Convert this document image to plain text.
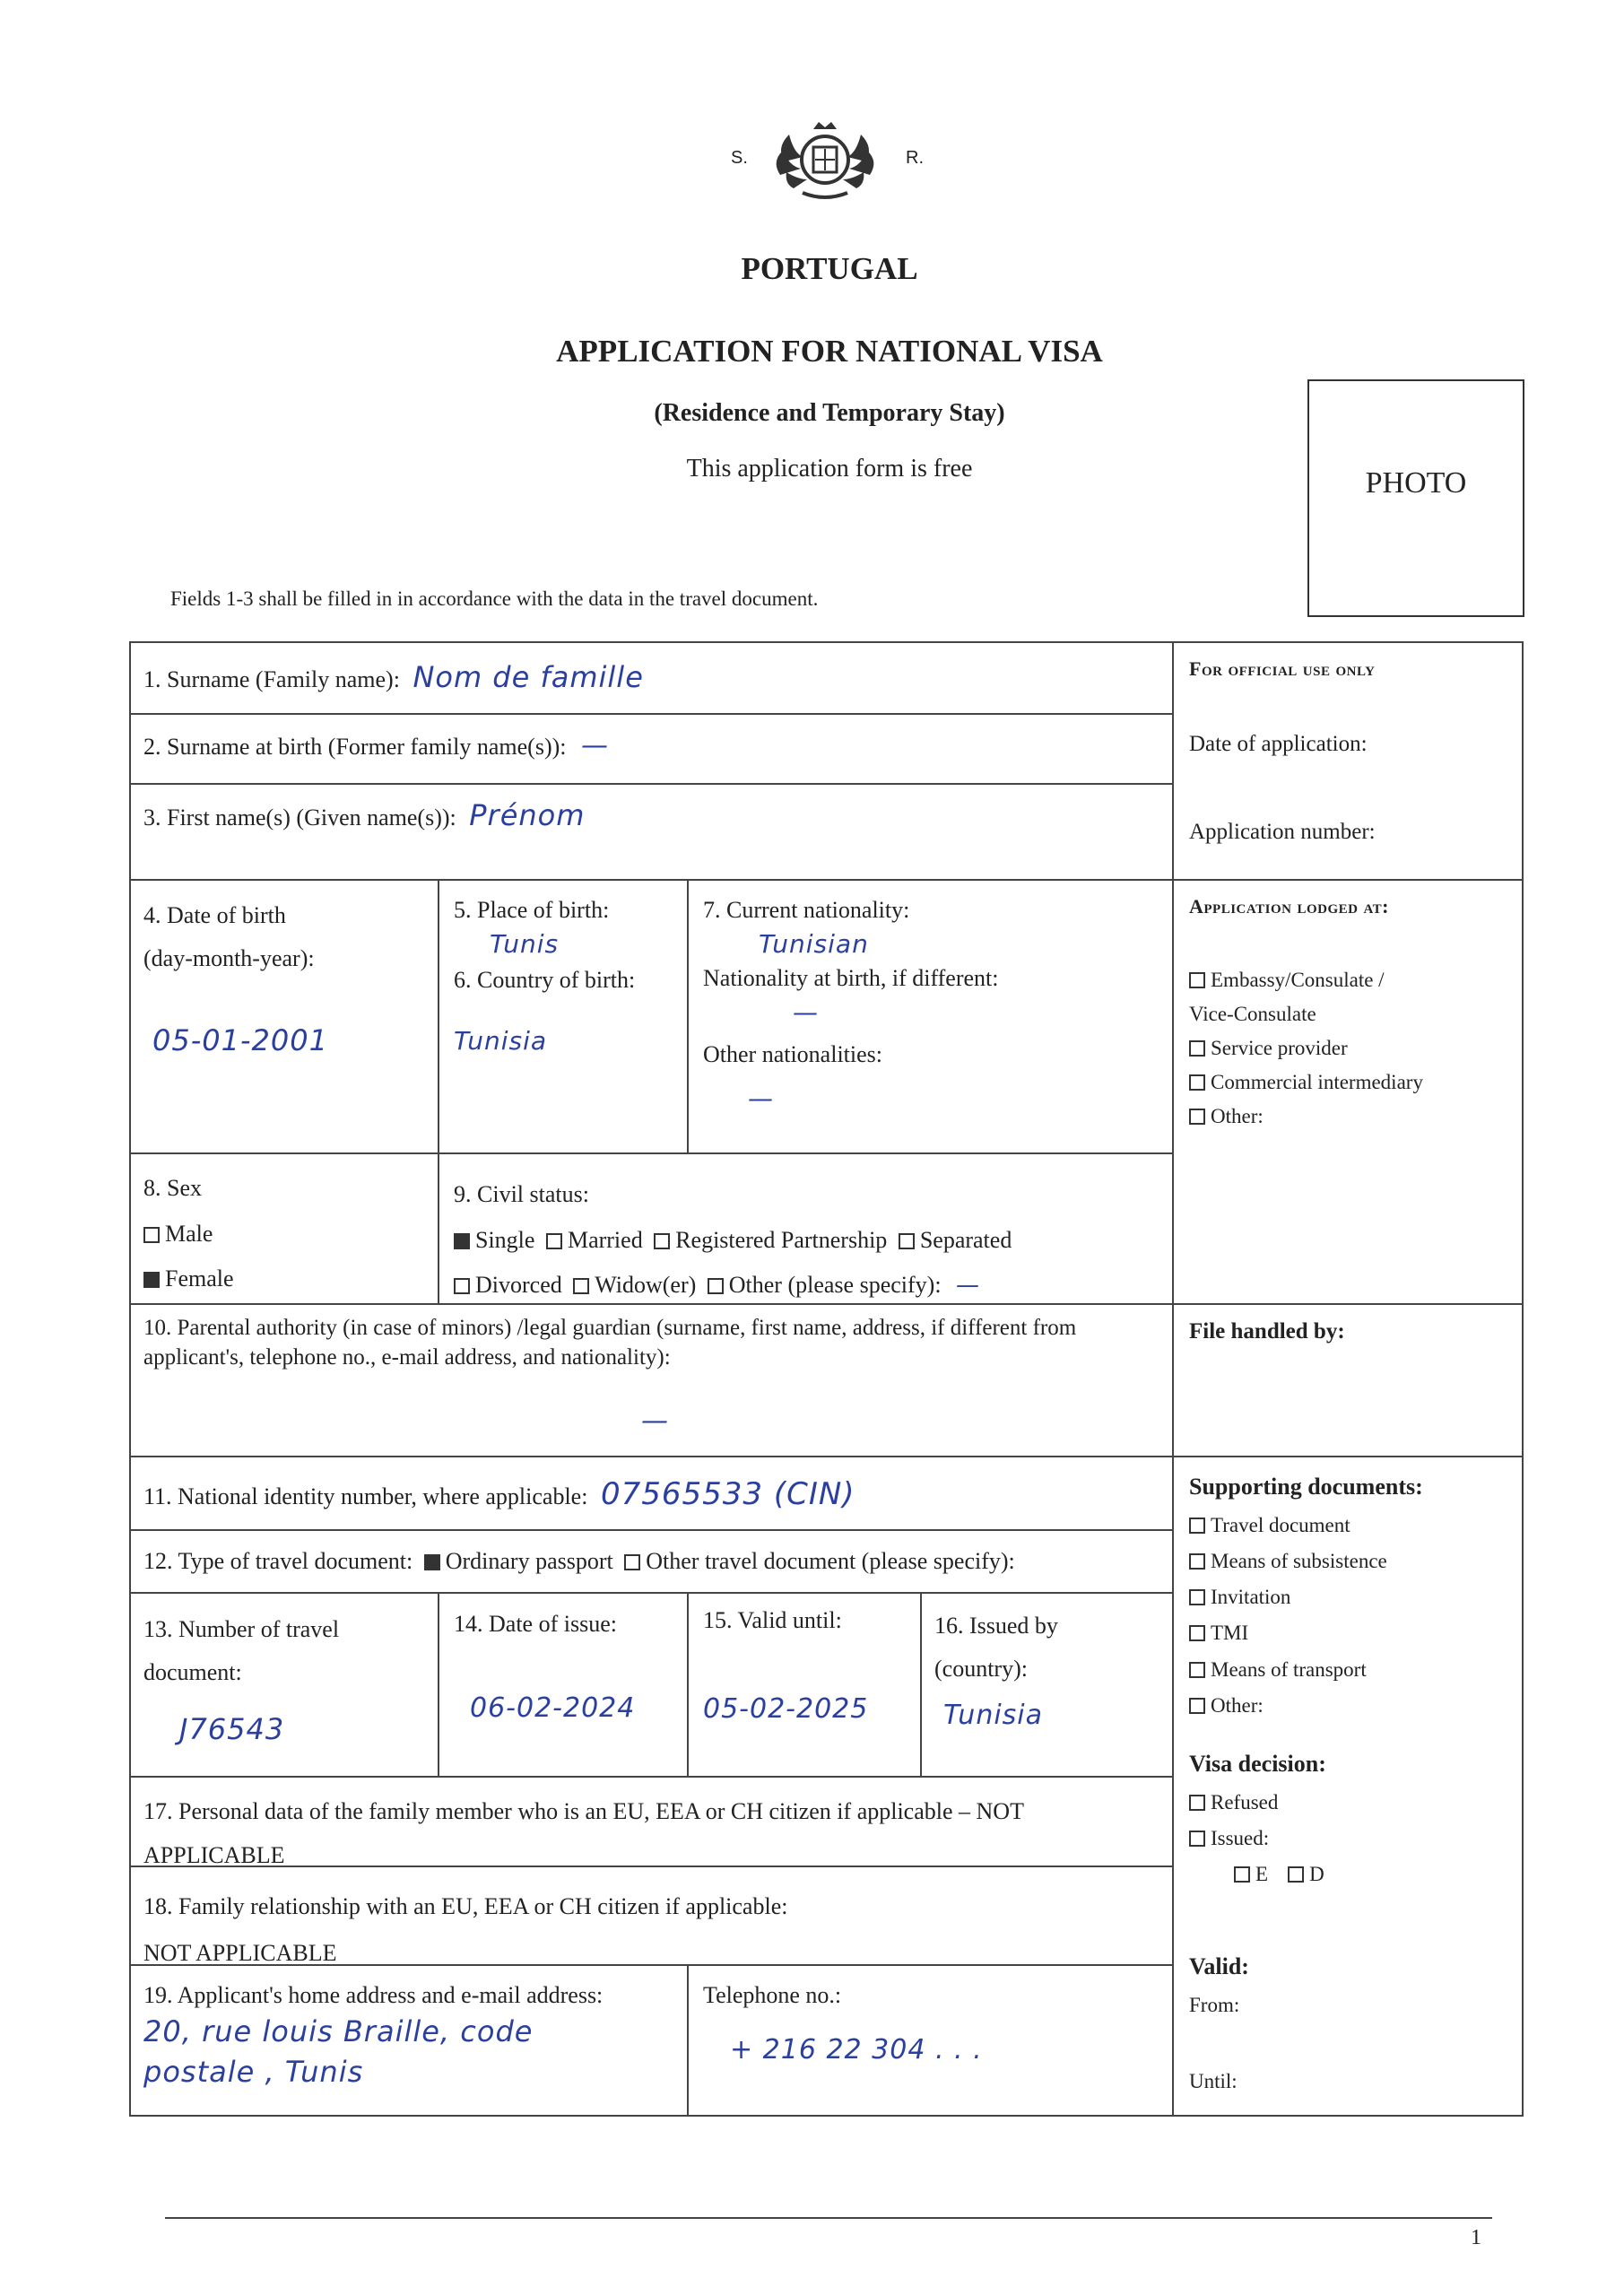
S.	R.
PORTUGAL
APPLICATION FOR NATIONAL VISA
(Residence and Temporary Stay)
This application form is free	PHOTO
Fields 1-3 shall be filled in in accordance with the data in the travel document.
1. Surname (Family name): Nom de famille
2. Surname at birth (Former family name(s)): —
3. First name(s) (Given name(s)): Prénom
4. Date of birth
(day-month-year):
05-01-2001
5. Place of birth:
Tunis
6. Country of birth:
Tunisia
7. Current nationality:
Tunisian
Nationality at birth, if different:
—
Other nationalities:
—
8. Sex
Male
Female
9. Civil status:
Single Married Registered Partnership Separated
Divorced Widow(er) Other (please specify): —
10. Parental authority (in case of minors) /legal guardian (surname, first name, address, if different from applicant's, telephone no., e-mail address, and nationality):
—
11. National identity number, where applicable: 07565533 (CIN)
12. Type of travel document: Ordinary passport Other travel document (please specify):
13. Number of travel
document:
J76543
14. Date of issue:
06-02-2024
15. Valid until:
05-02-2025
16. Issued by
(country):
Tunisia
17. Personal data of the family member who is an EU, EEA or CH citizen if applicable – NOT
APPLICABLE
18. Family relationship with an EU, EEA or CH citizen if applicable:
NOT APPLICABLE
19. Applicant's home address and e-mail address:
20, rue louis Braille, code
postale , Tunis
Telephone no.:
+ 216 22 304 . . .
For official use only
Date of application:
Application number:
Application lodged at:
Embassy/Consulate /
Vice-Consulate
Service provider
Commercial intermediary
Other:
File handled by:
Supporting documents:
Travel document
Means of subsistence
Invitation
TMI
Means of transport
Other:
Visa decision:
Refused
Issued:
E D
Valid:
From:
Until:
1
